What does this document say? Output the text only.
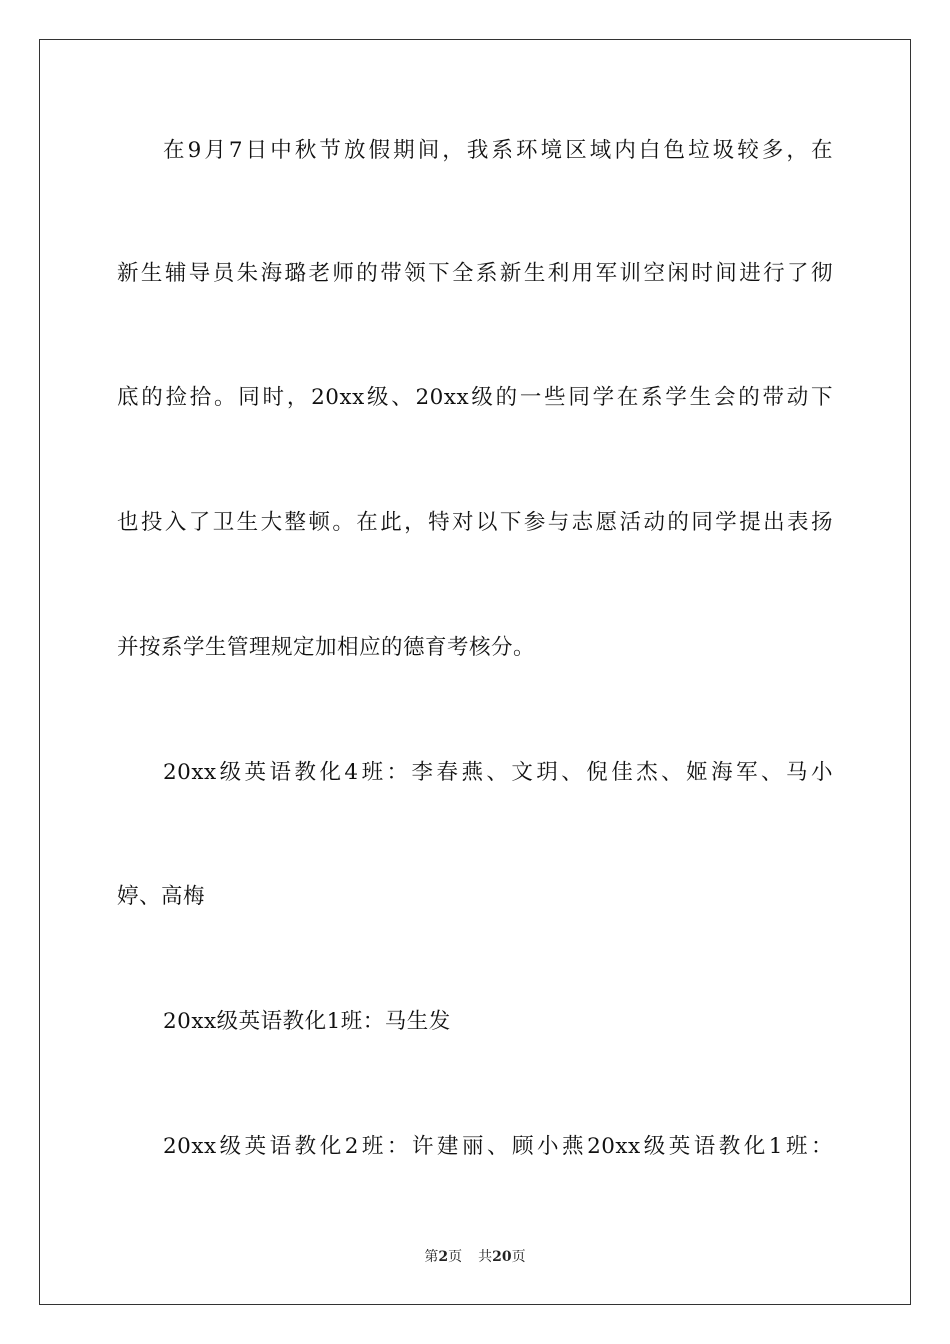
在9月7日中秋节放假期间，我系环境区域内白色垃圾较多，在
新生辅导员朱海璐老师的带领下全系新生利用军训空闲时间进行了彻
底的捡拾。同时，20xx级、20xx级的一些同学在系学生会的带动下
也投入了卫生大整顿。在此，特对以下参与志愿活动的同学提出表扬
并按系学生管理规定加相应的德育考核分。
20xx级英语教化4班：李春燕、文玥、倪佳杰、姬海军、马小
婷、高梅
20xx级英语教化1班：马生发
20xx级英语教化2班：许建丽、顾小燕20xx级英语教化1班：
第2页 共20页
